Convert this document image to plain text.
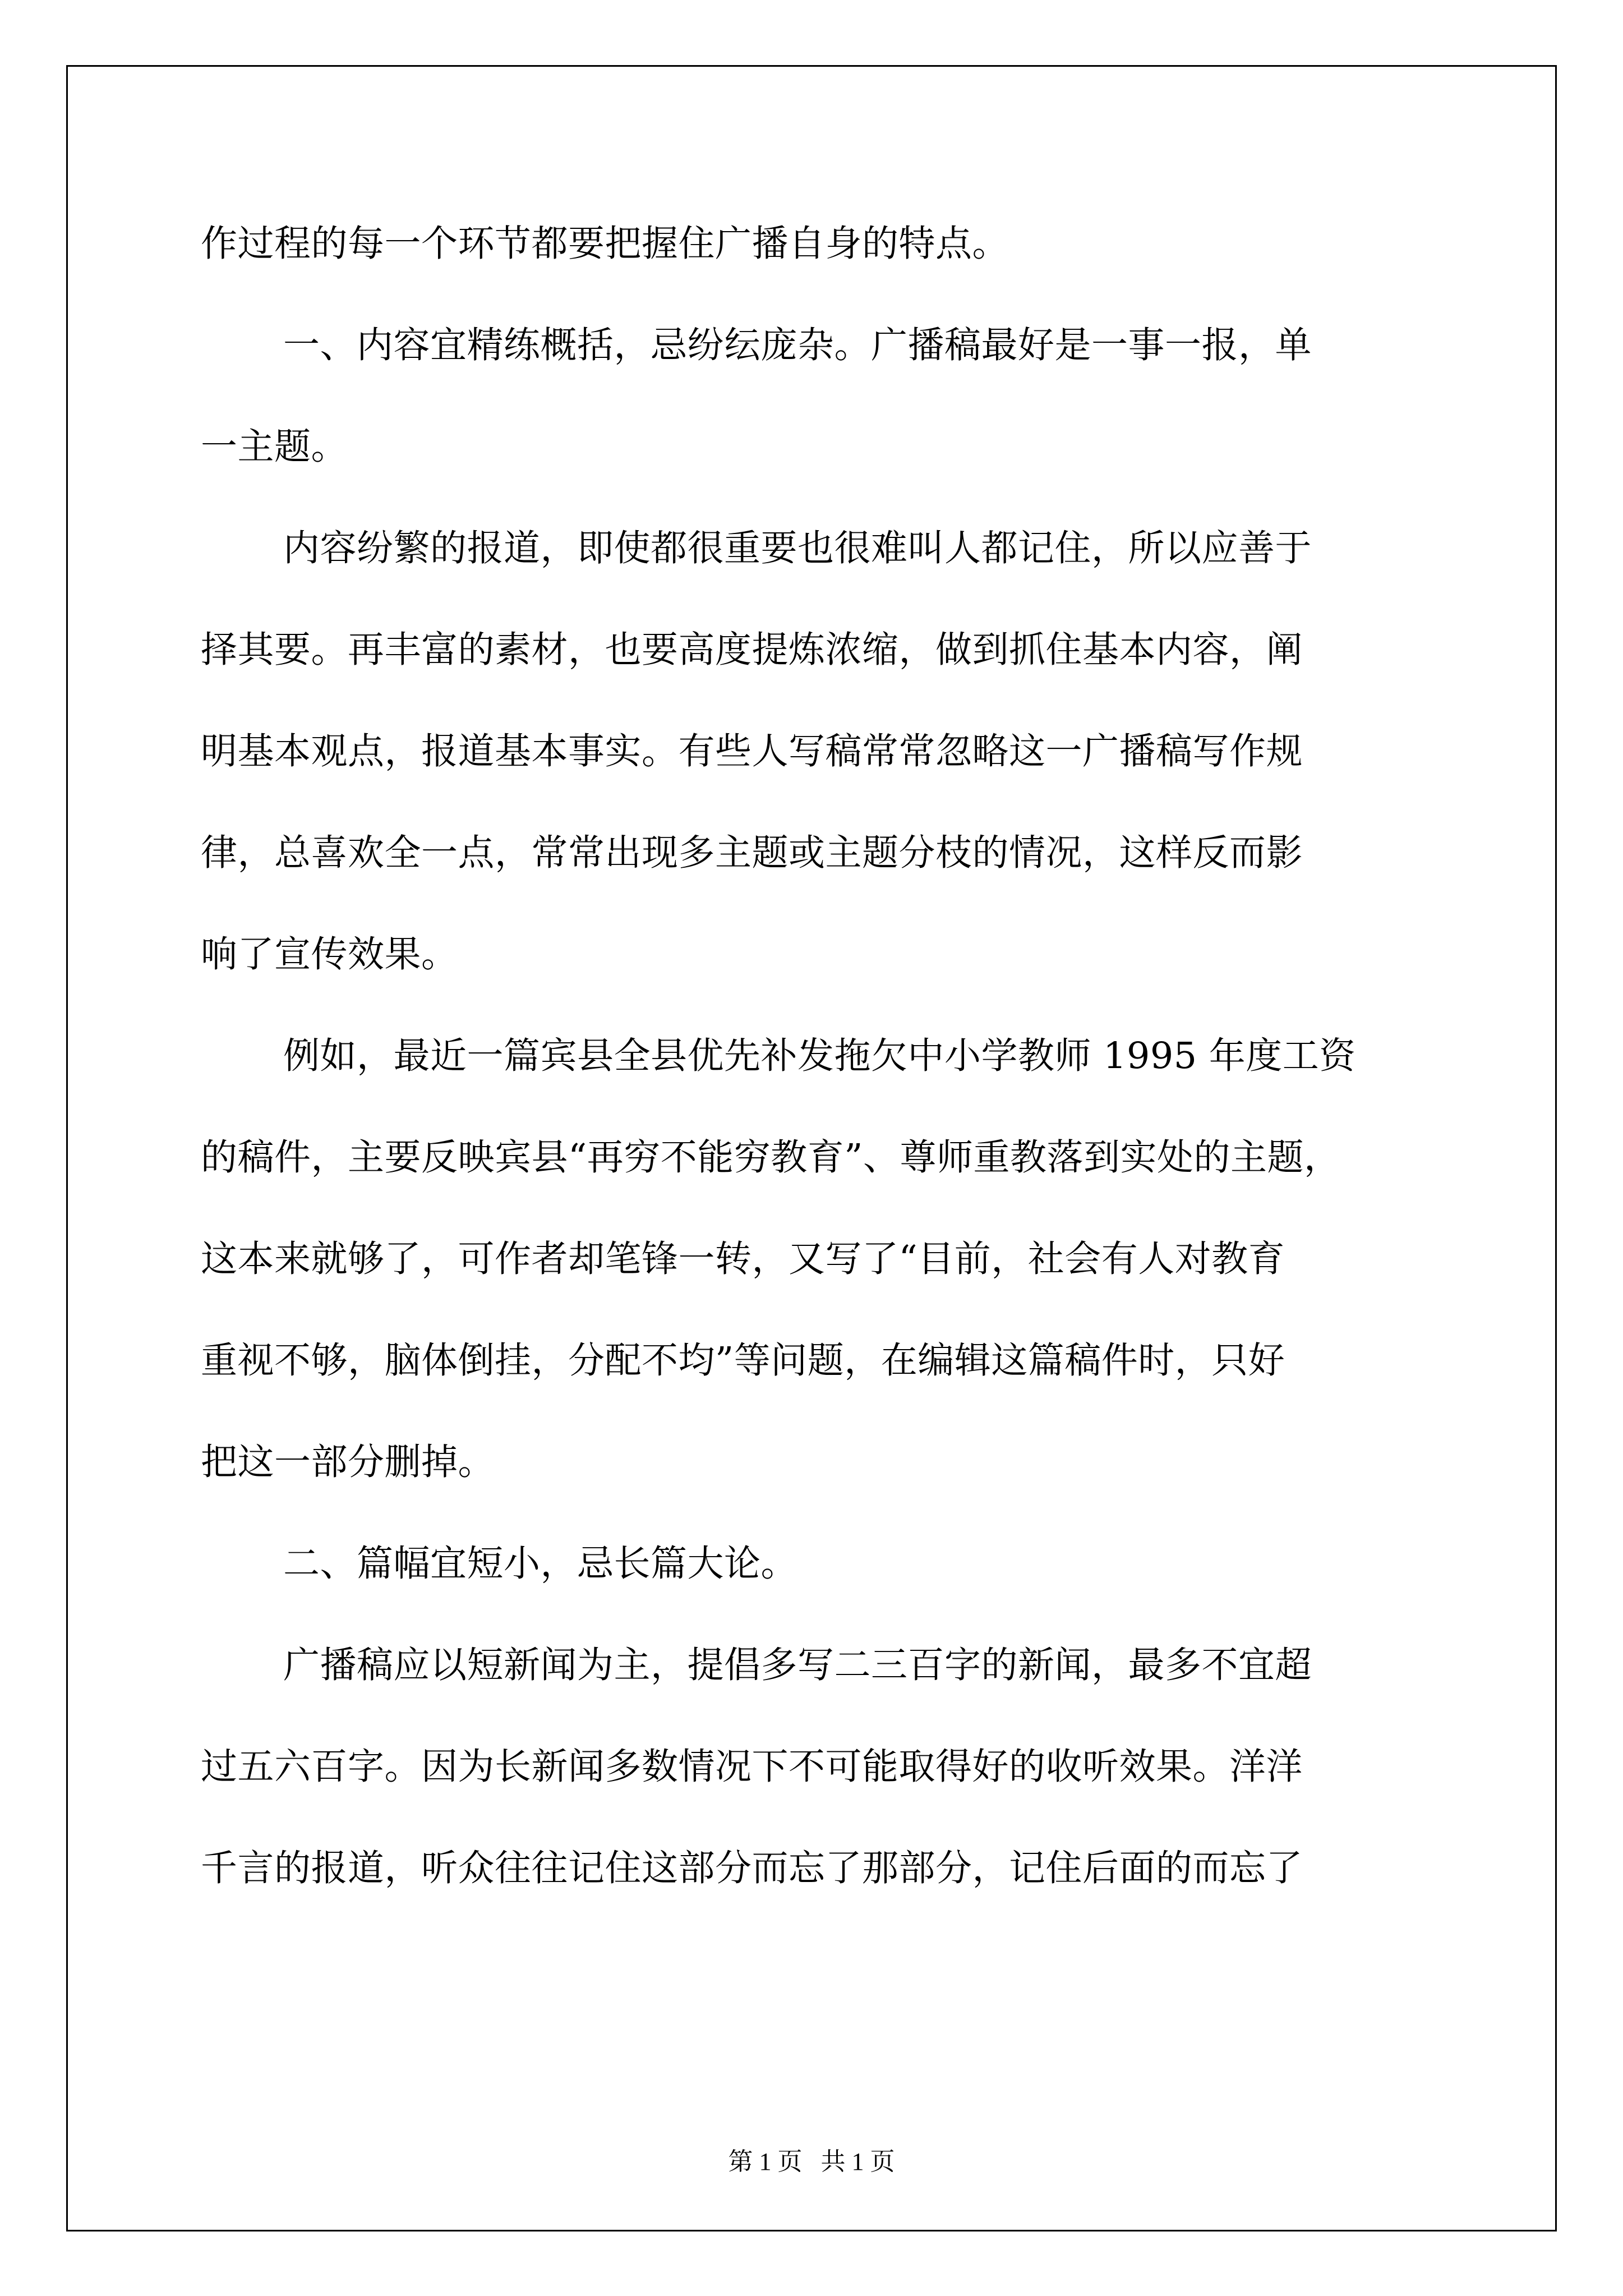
作过程的每一个环节都要把握住广播自身的特点。
一、内容宜精练概括，忌纷纭庞杂。广播稿最好是一事一报，单
一主题。
内容纷繁的报道，即使都很重要也很难叫人都记住，所以应善于
择其要。再丰富的素材，也要高度提炼浓缩，做到抓住基本内容，阐
明基本观点，报道基本事实。有些人写稿常常忽略这一广播稿写作规
律，总喜欢全一点，常常出现多主题或主题分枝的情况，这样反而影
响了宣传效果。
例如，最近一篇宾县全县优先补发拖欠中小学教师 1995 年度工资
的稿件，主要反映宾县“再穷不能穷教育”、尊师重教落到实处的主题，
这本来就够了，可作者却笔锋一转，又写了“目前，社会有人对教育
重视不够，脑体倒挂，分配不均”等问题，在编辑这篇稿件时，只好
把这一部分删掉。
二、篇幅宜短小，忌长篇大论。
广播稿应以短新闻为主，提倡多写二三百字的新闻，最多不宜超
过五六百字。因为长新闻多数情况下不可能取得好的收听效果。洋洋
千言的报道，听众往往记住这部分而忘了那部分，记住后面的而忘了
第 1 页   共 1 页
